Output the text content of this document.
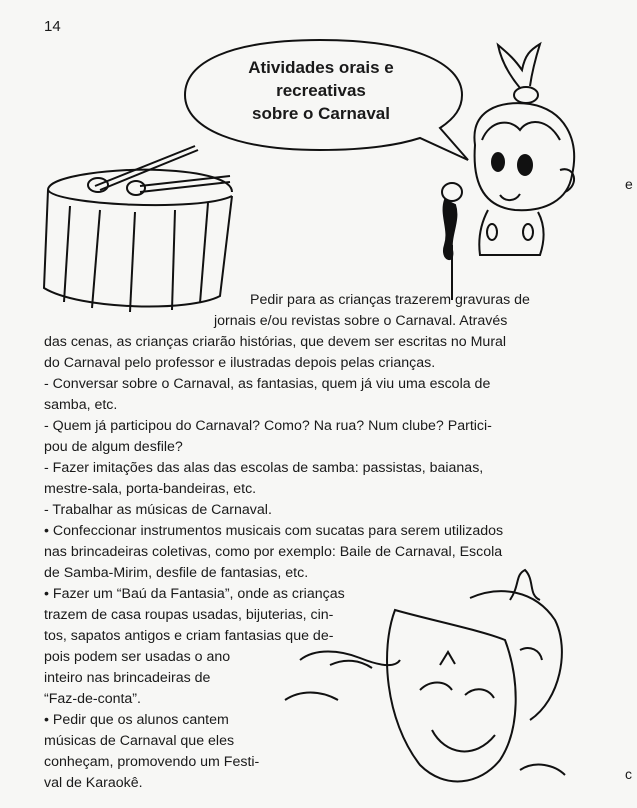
14
Atividades orais e
recreativas
sobre o Carnaval
Pedir para as crianças trazerem gravuras de
jornais e/ou revistas sobre o Carnaval. Através
das cenas, as crianças criarão histórias, que devem ser escritas no Mural
do Carnaval pelo professor e ilustradas depois pelas crianças.
- Conversar sobre o Carnaval, as fantasias, quem já viu uma escola de
samba, etc.
- Quem já participou do Carnaval? Como? Na rua? Num clube? Partici-
pou de algum desfile?
- Fazer imitações das alas das escolas de samba: passistas, baianas,
mestre-sala, porta-bandeiras, etc.
- Trabalhar as músicas de Carnaval.
• Confeccionar instrumentos musicais com sucatas para serem utilizados
nas brincadeiras coletivas, como por exemplo: Baile de Carnaval, Escola
de Samba-Mirim, desfile de fantasias, etc.
• Fazer um “Baú da Fantasia”, onde as crianças
trazem de casa roupas usadas, bijuterias, cin-
tos, sapatos antigos e criam fantasias que de-
pois podem ser usadas o ano
inteiro nas brincadeiras de
“Faz-de-conta”.
• Pedir que os alunos cantem
músicas de Carnaval que eles
conheçam, promovendo um Festi-
val de Karaokê.
e
c
